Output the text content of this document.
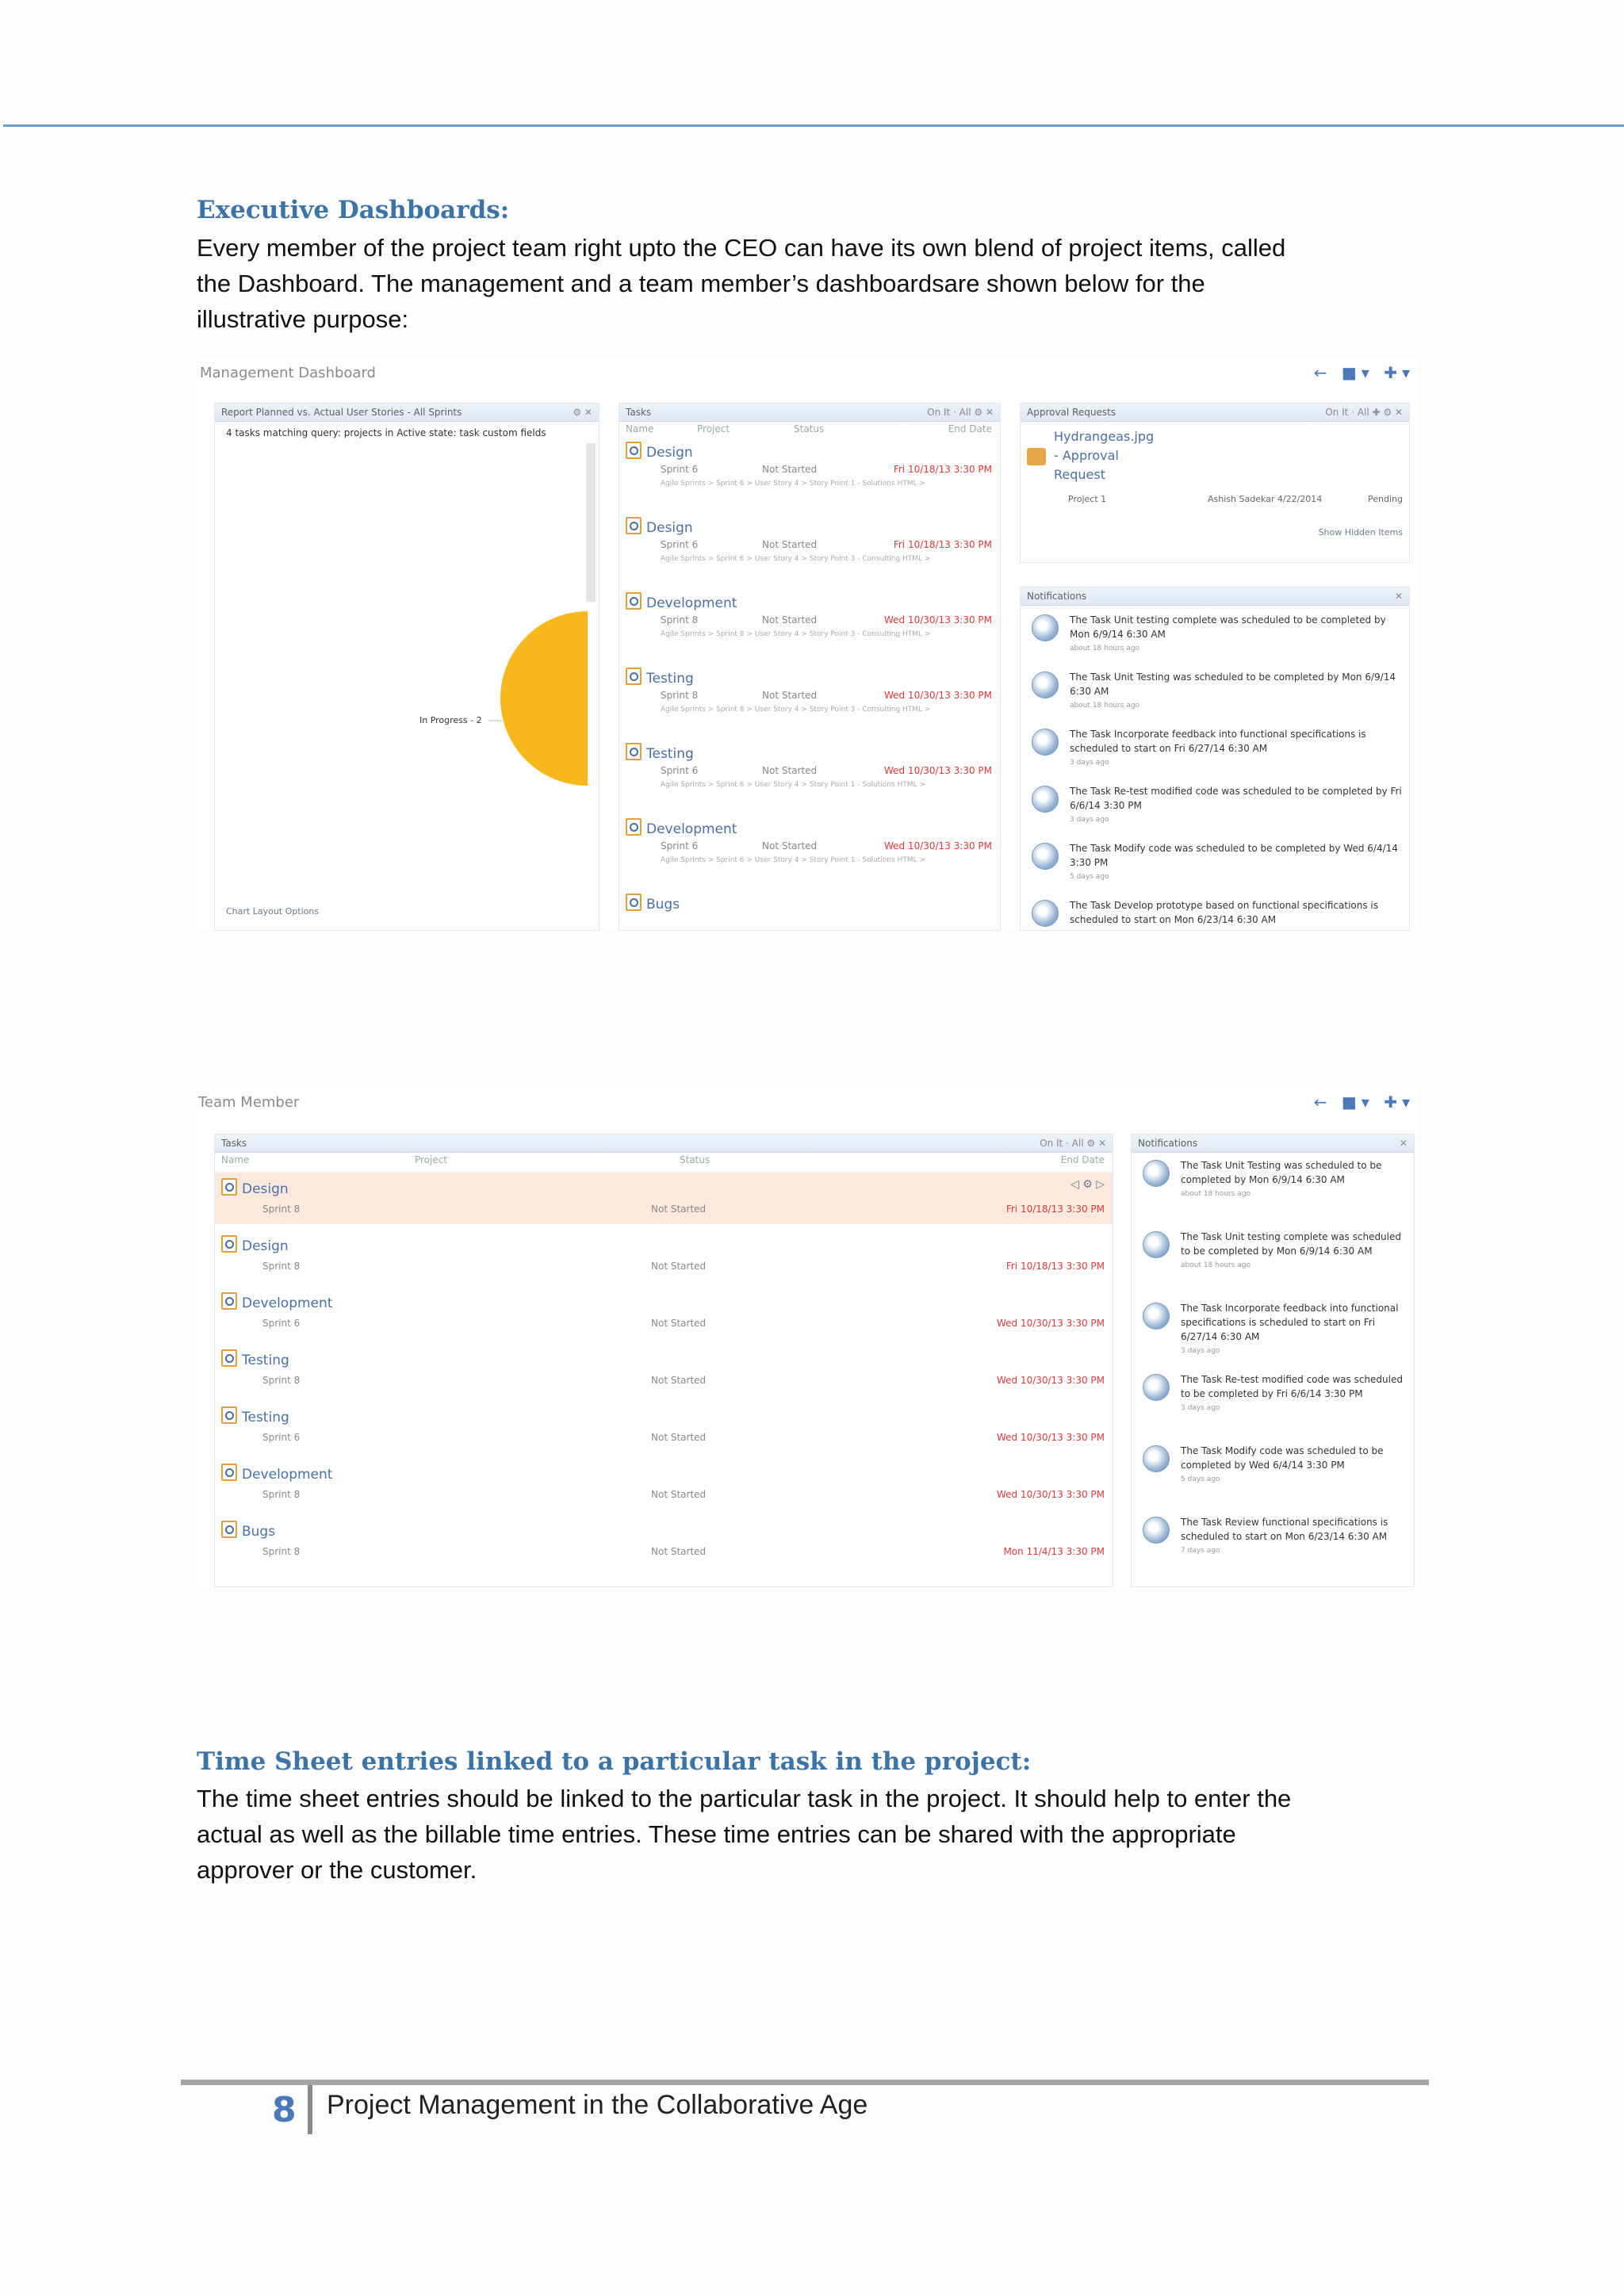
Executive Dashboards:
Every member of the project team right upto the CEO can have its own blend of project items, called
the Dashboard. The management and a team member’s dashboardsare shown below for the
illustrative purpose:
Management Dashboard	← ■▾ ✚▾
Report Planned vs. Actual User Stories - All Sprints	⚙ ✕
4 tasks matching query: projects in Active state: task custom fields
In Progress - 2
Chart Layout Options
Tasks	On It · All ⚙ ✕
Name	Project	Status	End Date
Design
Sprint 6	Not Started	Fri 10/18/13 3:30 PM
Agile Sprints > Sprint 6 > User Story 4 > Story Point 1 - Solutions HTML >
Design
Sprint 6	Not Started	Fri 10/18/13 3:30 PM
Agile Sprints > Sprint 6 > User Story 4 > Story Point 3 - Consulting HTML >
Development
Sprint 8	Not Started	Wed 10/30/13 3:30 PM
Agile Sprints > Sprint 8 > User Story 4 > Story Point 3 - Consulting HTML >
Testing
Sprint 8	Not Started	Wed 10/30/13 3:30 PM
Agile Sprints > Sprint 8 > User Story 4 > Story Point 3 - Consulting HTML >
Testing
Sprint 6	Not Started	Wed 10/30/13 3:30 PM
Agile Sprints > Sprint 6 > User Story 4 > Story Point 1 - Solutions HTML >
Development
Sprint 6	Not Started	Wed 10/30/13 3:30 PM
Agile Sprints > Sprint 6 > User Story 4 > Story Point 1 - Solutions HTML >
Bugs
Approval Requests	On It · All ✚ ⚙ ✕
Hydrangeas.jpg
- Approval
Request
Project 1	Ashish Sadekar 4/22/2014	Pending
Show Hidden Items
Notifications	✕
The Task Unit testing complete was scheduled to be completed by Mon 6/9/14 6:30 AM
about 18 hours ago
The Task Unit Testing was scheduled to be completed by Mon 6/9/14 6:30 AM
about 18 hours ago
The Task Incorporate feedback into functional specifications is scheduled to start on Fri 6/27/14 6:30 AM
3 days ago
The Task Re-test modified code was scheduled to be completed by Fri 6/6/14 3:30 PM
3 days ago
The Task Modify code was scheduled to be completed by Wed 6/4/14 3:30 PM
5 days ago
The Task Develop prototype based on functional specifications is scheduled to start on Mon 6/23/14 6:30 AM
Team Member	← ■▾ ✚▾
Tasks	On It · All ⚙ ✕
Name	Project	Status	End Date
Design
Sprint 8	Not Started	Fri 10/18/13 3:30 PM
◁ ⚙ ▷
Design
Sprint 8	Not Started	Fri 10/18/13 3:30 PM
Development
Sprint 6	Not Started	Wed 10/30/13 3:30 PM
Testing
Sprint 8	Not Started	Wed 10/30/13 3:30 PM
Testing
Sprint 6	Not Started	Wed 10/30/13 3:30 PM
Development
Sprint 8	Not Started	Wed 10/30/13 3:30 PM
Bugs
Sprint 8	Not Started	Mon 11/4/13 3:30 PM
Notifications	✕
The Task Unit Testing was scheduled to be completed by Mon 6/9/14 6:30 AM
about 18 hours ago
The Task Unit testing complete was scheduled to be completed by Mon 6/9/14 6:30 AM
about 18 hours ago
The Task Incorporate feedback into functional specifications is scheduled to start on Fri 6/27/14 6:30 AM
3 days ago
The Task Re-test modified code was scheduled to be completed by Fri 6/6/14 3:30 PM
3 days ago
The Task Modify code was scheduled to be completed by Wed 6/4/14 3:30 PM
5 days ago
The Task Review functional specifications is scheduled to start on Mon 6/23/14 6:30 AM
7 days ago
Time Sheet entries linked to a particular task in the project:
The time sheet entries should be linked to the particular task in the project. It should help to enter the
actual as well as the billable time entries. These time entries can be shared with the appropriate
approver or the customer.
8 Project Management in the Collaborative Age
